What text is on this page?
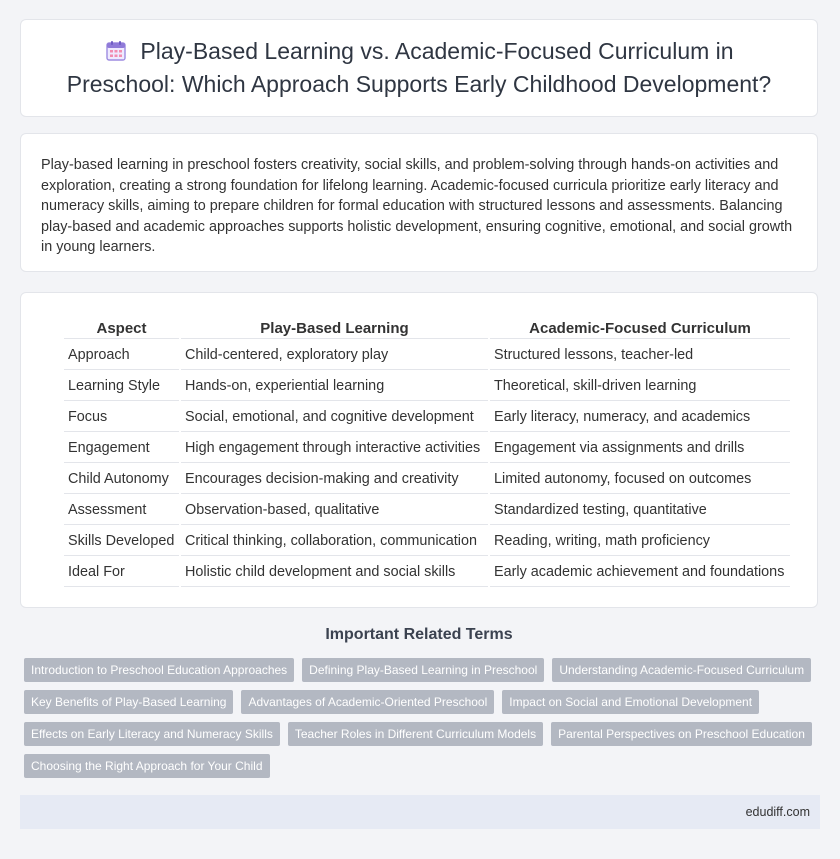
Play-Based Learning vs. Academic-Focused Curriculum in Preschool: Which Approach Supports Early Childhood Development?

Play-based learning in preschool fosters creativity, social skills, and problem-solving through hands-on activities and exploration, creating a strong foundation for lifelong learning. Academic-focused curricula prioritize early literacy and numeracy skills, aiming to prepare children for formal education with structured lessons and assessments. Balancing play-based and academic approaches supports holistic development, ensuring cognitive, emotional, and social growth in young learners.

Aspect	Play-Based Learning	Academic-Focused Curriculum
Approach	Child-centered, exploratory play	Structured lessons, teacher-led
Learning Style	Hands-on, experiential learning	Theoretical, skill-driven learning
Focus	Social, emotional, and cognitive development	Early literacy, numeracy, and academics
Engagement	High engagement through interactive activities	Engagement via assignments and drills
Child Autonomy	Encourages decision-making and creativity	Limited autonomy, focused on outcomes
Assessment	Observation-based, qualitative	Standardized testing, quantitative
Skills Developed	Critical thinking, collaboration, communication	Reading, writing, math proficiency
Ideal For	Holistic child development and social skills	Early academic achievement and foundations
Important Related Terms
Introduction to Preschool Education Approaches	Defining Play-Based Learning in Preschool	Understanding Academic-Focused Curriculum
Key Benefits of Play-Based Learning	Advantages of Academic-Oriented Preschool	Impact on Social and Emotional Development
Effects on Early Literacy and Numeracy Skills	Teacher Roles in Different Curriculum Models	Parental Perspectives on Preschool Education
Choosing the Right Approach for Your Child
edudiff.com
